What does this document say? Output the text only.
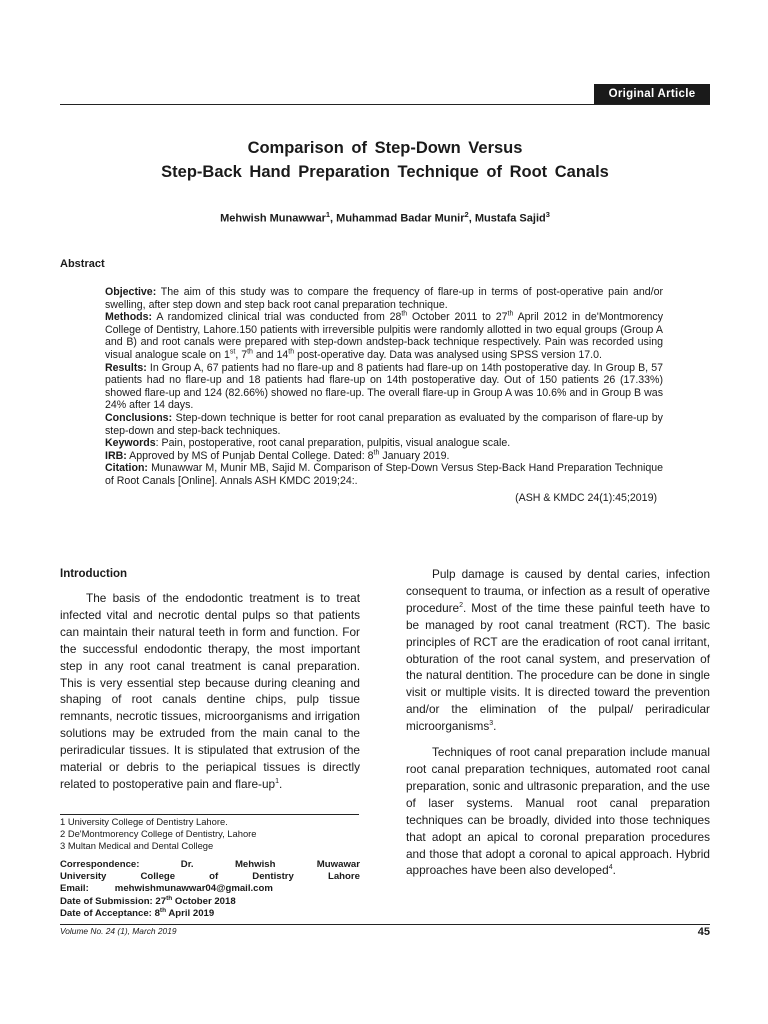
Original Article
Comparison of Step-Down Versus
Step-Back Hand Preparation Technique of Root Canals
Mehwish Munawwar$^1$, Muhammad Badar Munir$^2$, Mustafa Sajid$^3$
Abstract

Objective: The aim of this study was to compare the frequency of flare-up in terms of post-operative pain and/or swelling, after step down and step back root canal preparation technique.

Methods: A randomized clinical trial was conducted from 28th October 2011 to 27th April 2012 in de'Montmorency College of Dentistry, Lahore.150 patients with irreversible pulpitis were randomly allotted in two equal groups (Group A and B) and root canals were prepared with step-down andstep-back technique respectively. Pain was recorded using visual analogue scale on 1st, 7th and 14th post-operative day. Data was analysed using SPSS version 17.0.

Results: In Group A, 67 patients had no flare-up and 8 patients had flare-up on 14th postoperative day. In Group B, 57 patients had no flare-up and 18 patients had flare-up on 14th postoperative day. Out of 150 patients 26 (17.33%) showed flare-up and 124 (82.66%) showed no flare-up. The overall flare-up in Group A was 10.6% and in Group B was 24% after 14 days.

Conclusions: Step-down technique is better for root canal preparation as evaluated by the comparison of flare-up by step-down and step-back techniques.

Keywords: Pain, postoperative, root canal preparation, pulpitis, visual analogue scale.

IRB: Approved by MS of Punjab Dental College. Dated: 8th January 2019.

Citation: Munawwar M, Munir MB, Sajid M. Comparison of Step-Down Versus Step-Back Hand Preparation Technique of Root Canals [Online]. Annals ASH KMDC 2019;24:.

(ASH & KMDC 24(1):45;2019)

Introduction

The basis of the endodontic treatment is to treat infected vital and necrotic dental pulps so that patients can maintain their natural teeth in form and function. For the successful endodontic therapy, the most important step in any root canal treatment is canal preparation. This is very essential step because during cleaning and shaping of root canals dentine chips, pulp tissue remnants, necrotic tissues, microorganisms and irrigation solutions may be extruded from the main canal to the periradicular tissues. It is stipulated that extrusion of the material or debris to the periapical tissues is directly related to postoperative pain and flare-$up^1$.

Pulp damage is caused by dental caries, infection consequent to trauma, or infection as a result of operative procedure$^2$. Most of the time these painful teeth have to be managed by root canal treatment (RCT). The basic principles of RCT are the eradication of root canal irritant, obturation of the root canal system, and preservation of the natural dentition. The procedure can be done in single visit or multiple visits. It is directed toward the prevention and/or the elimination of the pulpal/ periradicular microorganisms$^3$.

Techniques of root canal preparation include manual root canal preparation techniques, automated root canal preparation, sonic and ultrasonic preparation, and the use of laser systems. Manual root canal preparation techniques can be broadly, divided into those techniques that adopt an apical to coronal preparation procedures and those that adopt a coronal to apical approach. Hybrid approaches have been also developed$^4$.

1 University College of Dentistry Lahore.
2 De'Montmorency College of Dentistry, Lahore
3 Multan Medical and Dental College
Correspondence:	Dr.	Mehwish	Muwawar
University	College	of	Dentistry	Lahore
Email:	mehwishmunawwar04@gmail.com
Date of Submission: 27th October 2018
Date of Acceptance: 8th April 2019
Volume No. 24 (1), March 2019	45
